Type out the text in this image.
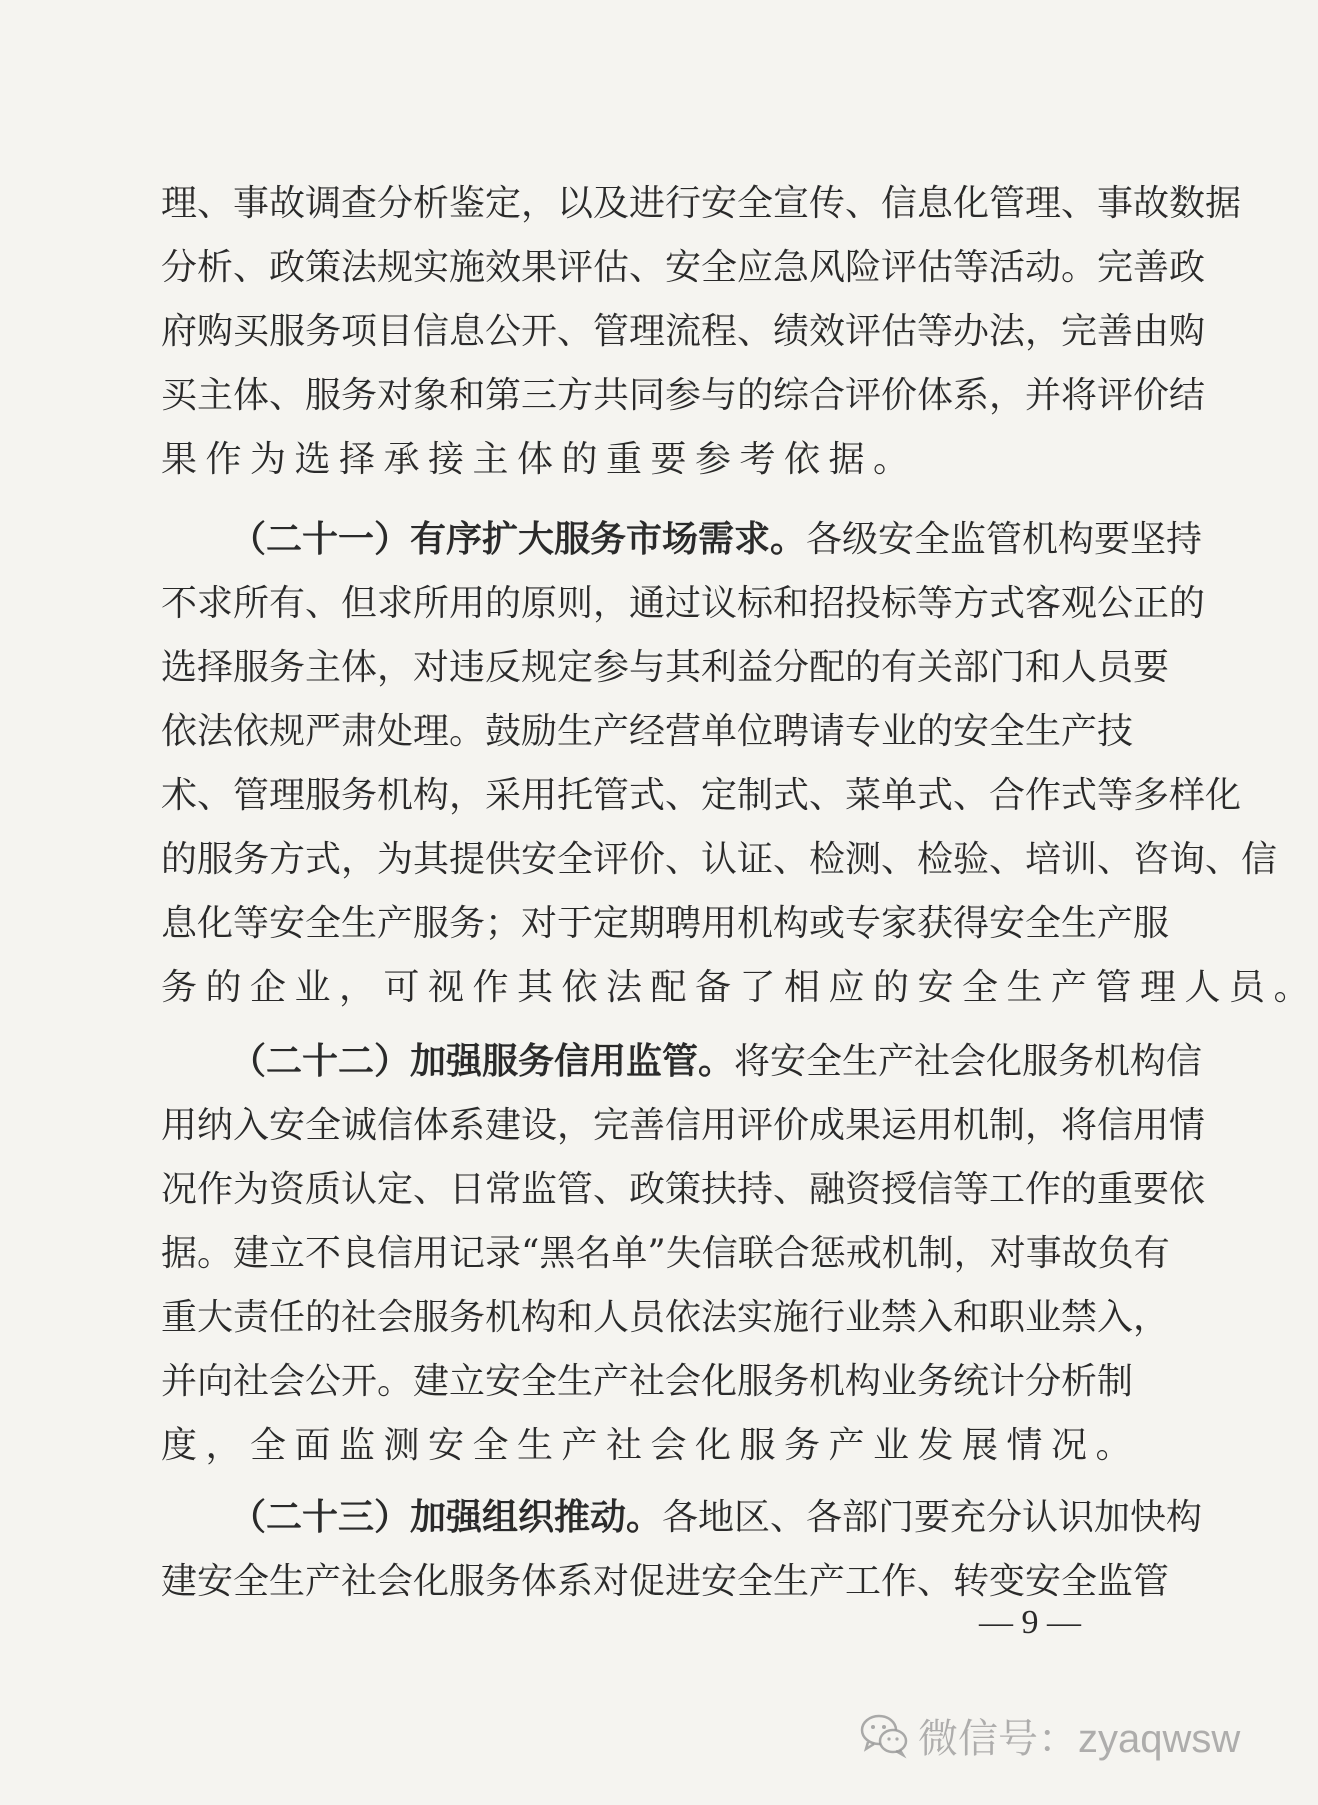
理、事故调查分析鉴定，以及进行安全宣传、信息化管理、事故数据
分析、政策法规实施效果评估、安全应急风险评估等活动。完善政
府购买服务项目信息公开、管理流程、绩效评估等办法，完善由购
买主体、服务对象和第三方共同参与的综合评价体系，并将评价结
果作为选择承接主体的重要参考依据。
（二十一）有序扩大服务市场需求。各级安全监管机构要坚持
不求所有、但求所用的原则，通过议标和招投标等方式客观公正的
选择服务主体，对违反规定参与其利益分配的有关部门和人员要
依法依规严肃处理。鼓励生产经营单位聘请专业的安全生产技
术、管理服务机构，采用托管式、定制式、菜单式、合作式等多样化
的服务方式，为其提供安全评价、认证、检测、检验、培训、咨询、信
息化等安全生产服务；对于定期聘用机构或专家获得安全生产服
务的企业，可视作其依法配备了相应的安全生产管理人员。
（二十二）加强服务信用监管。将安全生产社会化服务机构信
用纳入安全诚信体系建设，完善信用评价成果运用机制，将信用情
况作为资质认定、日常监管、政策扶持、融资授信等工作的重要依
据。建立不良信用记录“黑名单”失信联合惩戒机制，对事故负有
重大责任的社会服务机构和人员依法实施行业禁入和职业禁入，
并向社会公开。建立安全生产社会化服务机构业务统计分析制
度，全面监测安全生产社会化服务产业发展情况。
（二十三）加强组织推动。各地区、各部门要充分认识加快构
建安全生产社会化服务体系对促进安全生产工作、转变安全监管
— 9 —
微信号：zyaqwsw
